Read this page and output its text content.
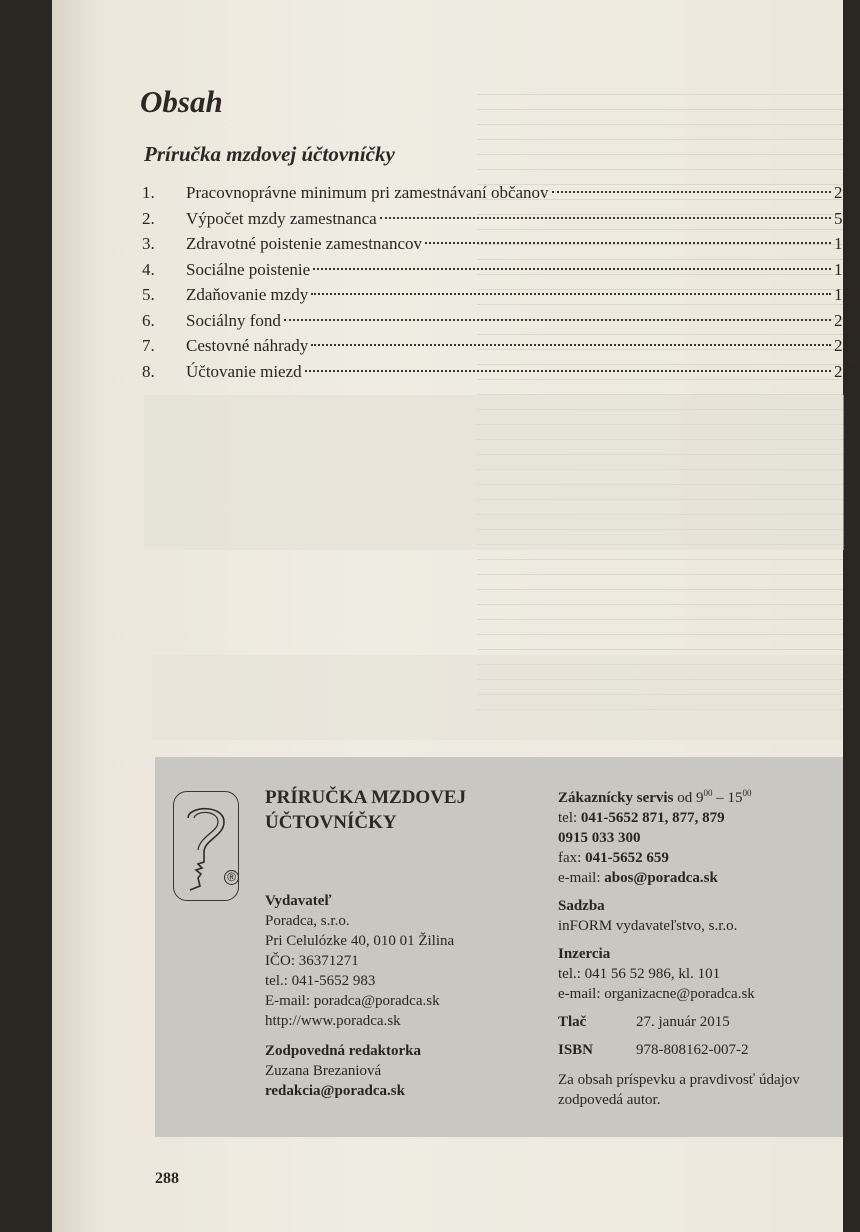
Obsah
Príručka mzdovej účtovníčky
1.	Pracovnoprávne minimum pri zamestnávaní občanov	2
2.	Výpočet mzdy zamestnanca	52
3.	Zdravotné poistenie zamestnancov	115
4.	Sociálne poistenie	151
5.	Zdaňovanie mzdy	198
6.	Sociálny fond	250
7.	Cestovné náhrady	257
8.	Účtovanie miezd	277
®
PRÍRUČKA MZDOVEJ
ÚČTOVNÍČKY
Vydavateľ
Poradca, s.r.o.
Pri Celulózke 40, 010 01 Žilina
IČO: 36371271
tel.: 041-5652 983
E-mail: poradca@poradca.sk
http://www.poradca.sk
Zodpovedná redaktorka
Zuzana Brezaniová
redakcia@poradca.sk
Zákaznícky servis od $9^{00} - 15^{00}$
tel: 041-5652 871, 877, 879
0915 033 300
fax: 041-5652 659
e-mail: abos@poradca.sk
Sadzba
inFORM vydavateľstvo, s.r.o.
Inzercia
tel.: 041 56 52 986, kl. 101
e-mail: organizacne@poradca.sk
Tlač	27. január 2015
ISBN	978-808162-007-2
Za obsah príspevku a pravdivosť údajov
zodpovedá autor.
288
